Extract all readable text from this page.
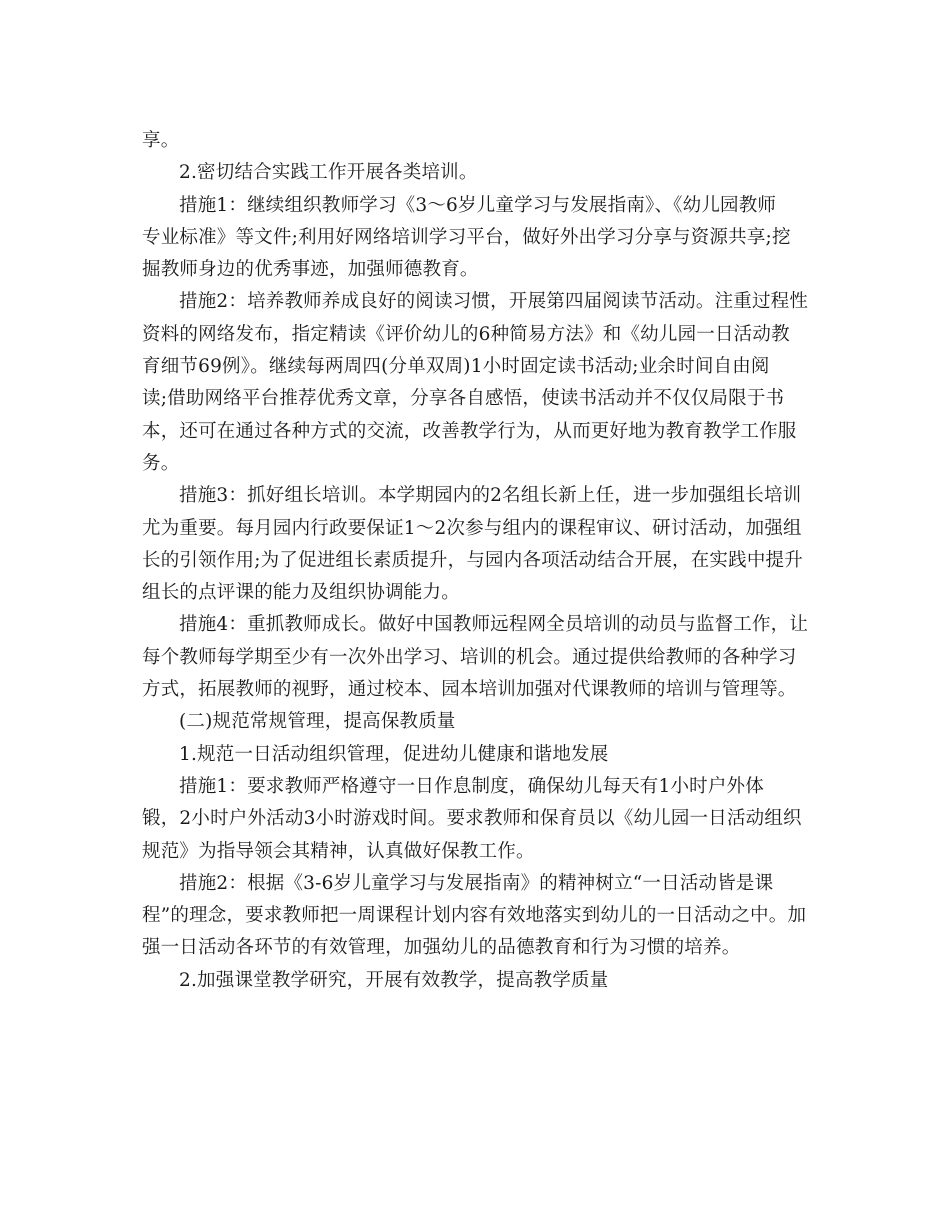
享。
2.密切结合实践工作开展各类培训。
措施1：继续组织教师学习《3～6岁儿童学习与发展指南》、《幼儿园教师
专业标准》等文件;利用好网络培训学习平台，做好外出学习分享与资源共享;挖
掘教师身边的优秀事迹，加强师德教育。
措施2：培养教师养成良好的阅读习惯，开展第四届阅读节活动。注重过程性
资料的网络发布，指定精读《评价幼儿的6种简易方法》和《幼儿园一日活动教
育细节69例》。继续每两周四(分单双周)1小时固定读书活动;业余时间自由阅
读;借助网络平台推荐优秀文章，分享各自感悟，使读书活动并不仅仅局限于书
本，还可在通过各种方式的交流，改善教学行为，从而更好地为教育教学工作服
务。
措施3：抓好组长培训。本学期园内的2名组长新上任，进一步加强组长培训
尤为重要。每月园内行政要保证1～2次参与组内的课程审议、研讨活动，加强组
长的引领作用;为了促进组长素质提升，与园内各项活动结合开展，在实践中提升
组长的点评课的能力及组织协调能力。
措施4：重抓教师成长。做好中国教师远程网全员培训的动员与监督工作，让
每个教师每学期至少有一次外出学习、培训的机会。通过提供给教师的各种学习
方式，拓展教师的视野，通过校本、园本培训加强对代课教师的培训与管理等。
(二)规范常规管理，提高保教质量
1.规范一日活动组织管理，促进幼儿健康和谐地发展
措施1：要求教师严格遵守一日作息制度，确保幼儿每天有1小时户外体
锻，2小时户外活动3小时游戏时间。要求教师和保育员以《幼儿园一日活动组织
规范》为指导领会其精神，认真做好保教工作。
措施2：根据《3-6岁儿童学习与发展指南》的精神树立“一日活动皆是课
程”的理念，要求教师把一周课程计划内容有效地落实到幼儿的一日活动之中。加
强一日活动各环节的有效管理，加强幼儿的品德教育和行为习惯的培养。
2.加强课堂教学研究，开展有效教学，提高教学质量
